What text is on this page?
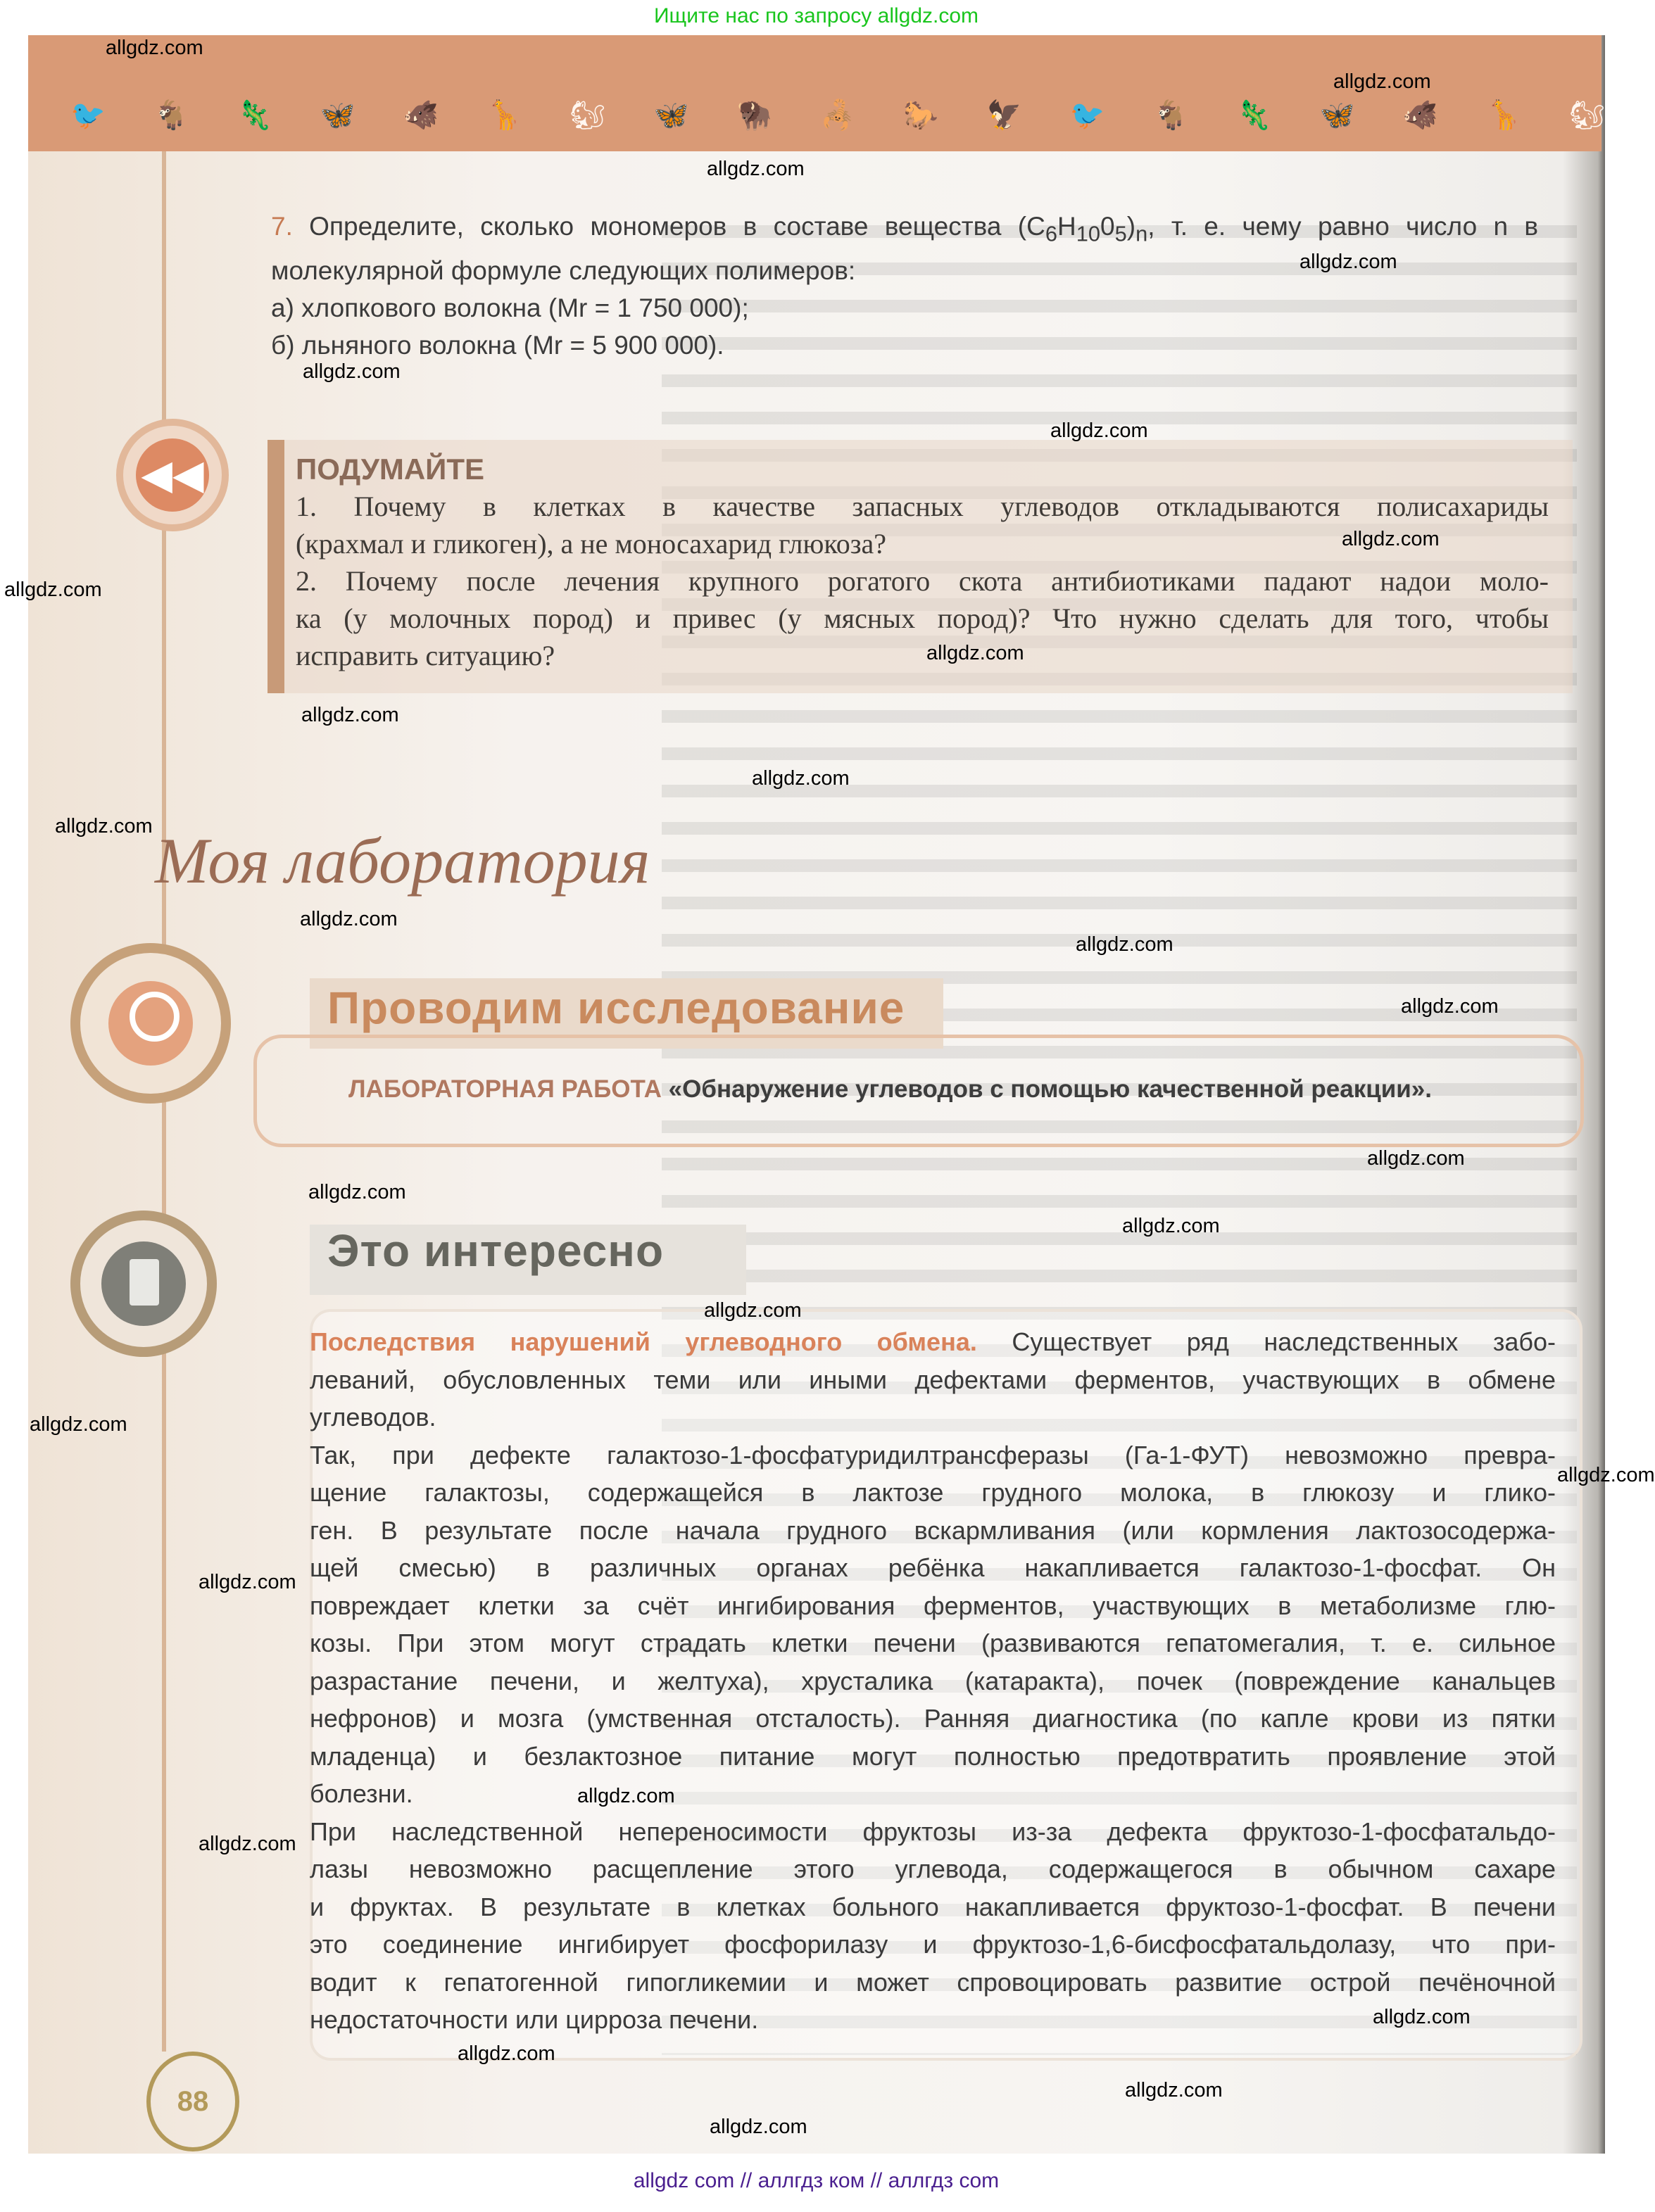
Ищите нас по запросу allgdz.com
🐦 🐐 🦎 🦋 🐗 🦒 🐿 🦋 🦬 🦂 🐎 🦅 🐦 🐐 🦎 🦋 🐗 🦒 🐿
◀◀
7. Определите, сколько мономеров в составе вещества $(C_6H_{10}0_5)_n$, т. е. чему равно число n в
молекулярной формуле следующих полимеров:
а) хлопкового волокна (Mr = 1 750 000);
б) льняного волокна (Mr = 5 900 000).
ПОДУМАЙТЕ
1. Почему в клетках в качестве запасных углеводов откладываются полисахариды
(крахмал и гликоген), а не моносахарид глюкоза?
2. Почему после лечения крупного рогатого скота антибиотиками падают надои моло-
ка (у молочных пород) и привес (у мясных пород)? Что нужно сделать для того, чтобы
исправить ситуацию?
Моя лаборатория
Проводим исследование
ЛАБОРАТОРНАЯ РАБОТА «Обнаружение углеводов с помощью качественной реакции».
Это интересно
Последствия нарушений углеводного обмена. Существует ряд наследственных забо-
леваний, обусловленных теми или иными дефектами ферментов, участвующих в обмене
углеводов.
Так, при дефекте галактозо-1-фосфатуридилтрансферазы (Га-1-ФУТ) невозможно превра-
щение галактозы, содержащейся в лактозе грудного молока, в глюкозу и глико-
ген. В результате после начала грудного вскармливания (или кормления лактозосодержа-
щей смесью) в различных органах ребёнка накапливается галактозо-1-фосфат. Он
повреждает клетки за счёт ингибирования ферментов, участвующих в метаболизме глю-
козы. При этом могут страдать клетки печени (развиваются гепатомегалия, т. е. сильное
разрастание печени, и желтуха), хрусталика (катаракта), почек (повреждение канальцев
нефронов) и мозга (умственная отсталость). Ранняя диагностика (по капле крови из пятки
младенца) и безлактозное питание могут полностью предотвратить проявление этой
болезни.
При наследственной непереносимости фруктозы из-за дефекта фруктозо-1-фосфатальдо-
лазы невозможно расщепление этого углевода, содержащегося в обычном сахаре
и фруктах. В результате в клетках больного накапливается фруктозо-1-фосфат. В печени
это соединение ингибирует фосфорилазу и фруктозо-1,6-бисфосфатальдолазу, что при-
водит к гепатогенной гипогликемии и может спровоцировать развитие острой печёночной
недостаточности или цирроза печени.
88
allgdz com // аллгдз ком // аллгдз com
allgdz.com
allgdz.com
allgdz.com
allgdz.com
allgdz.com
allgdz.com
allgdz.com
allgdz.com
allgdz.com
allgdz.com
allgdz.com
allgdz.com
allgdz.com
allgdz.com
allgdz.com
allgdz.com
allgdz.com
allgdz.com
allgdz.com
allgdz.com
allgdz.com
allgdz.com
allgdz.com
allgdz.com
allgdz.com
allgdz.com
allgdz.com
allgdz.com
